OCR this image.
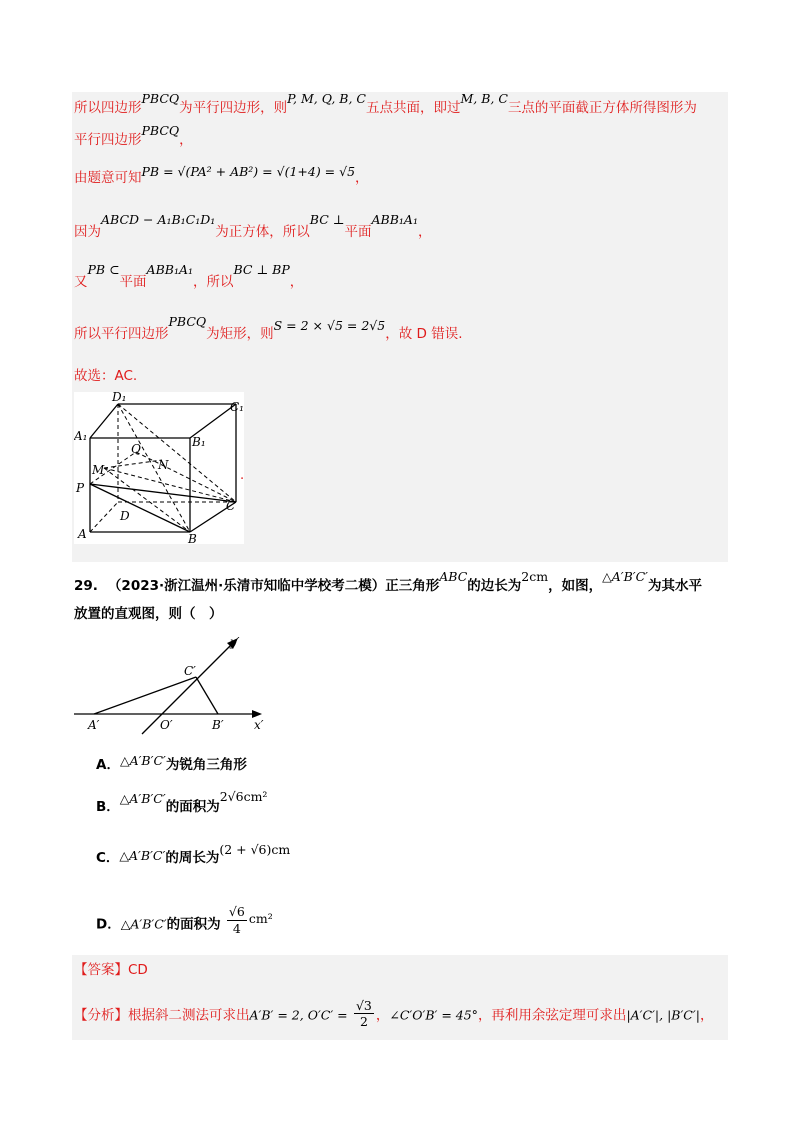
所以四边形PBCQ为平行四边形，则P, M, Q, B, C五点共面，即过M, B, C三点的平面截正方体所得图形为
平行四边形PBCQ，
由题意可知PB = √(PA² + AB²) = √(1+4) = √5，
因为ABCD − A₁B₁C₁D₁为正方体，所以BC ⊥平面ABB₁A₁，
又PB ⊂平面ABB₁A₁，所以BC ⊥ BP，
所以平行四边形PBCQ为矩形，则S = 2 × √5 = 2√5，故 D 错误.
故选：AC.
D₁
C₁
A₁	B₁
Q
N
M
P
D
C
A	B
.
29. （2023·浙江温州·乐清市知临中学校考二模）正三角形ABC的边长为2cm，如图，△A′B′C′为其水平
放置的直观图，则（　）
y′
C′
A′	O′	B′	x′
A．△A′B′C′为锐角三角形
B．△A′B′C′的面积为2√6cm²
C．△A′B′C′的周长为(2 + √6)cm
D．△A′B′C′的面积为 $\frac{√6}{4} cm^2$
【答案】CD
【分析】根据斜二测法可求出A′B′ = 2, $O'C' = \frac{√3}{2}$ ，∠C′O′B′ = 45°，再利用余弦定理可求出|A′C′|, |B′C′|，
